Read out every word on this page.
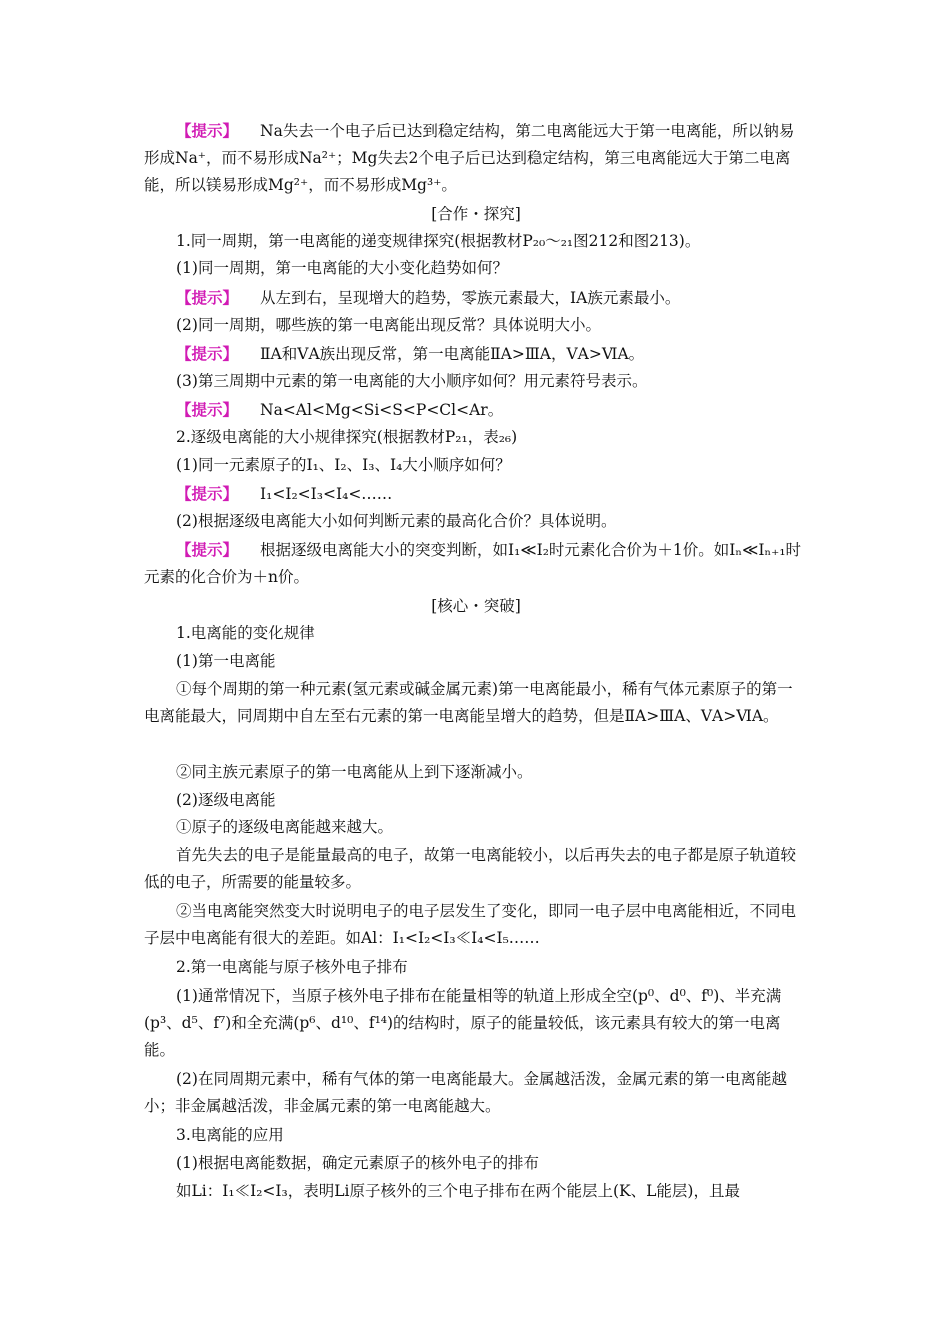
【提示】 Na失去一个电子后已达到稳定结构，第二电离能远大于第一电离能，所以钠易形成Na⁺，而不易形成Na²⁺；Mg失去2个电子后已达到稳定结构，第三电离能远大于第二电离能，所以镁易形成Mg²⁺，而不易形成Mg³⁺。

[合作・探究]

1.同一周期，第一电离能的递变规律探究(根据教材P₂₀～₂₁图212和图213)。

(1)同一周期，第一电离能的大小变化趋势如何？

【提示】 从左到右，呈现增大的趋势，零族元素最大，ⅠA族元素最小。

(2)同一周期，哪些族的第一电离能出现反常？具体说明大小。

【提示】 ⅡA和ⅤA族出现反常，第一电离能ⅡA>ⅢA，ⅤA>ⅥA。

(3)第三周期中元素的第一电离能的大小顺序如何？用元素符号表示。

【提示】 Na<Al<Mg<Si<S<P<Cl<Ar。

2.逐级电离能的大小规律探究(根据教材P₂₁，表₂₆)

(1)同一元素原子的I₁、I₂、I₃、I₄大小顺序如何？

【提示】 I₁<I₂<I₃<I₄<……

(2)根据逐级电离能大小如何判断元素的最高化合价？具体说明。

【提示】 根据逐级电离能大小的突变判断，如I₁≪I₂时元素化合价为＋1价。如Iₙ≪Iₙ₊₁时元素的化合价为＋n价。

[核心・突破]

1.电离能的变化规律

(1)第一电离能

①每个周期的第一种元素(氢元素或碱金属元素)第一电离能最小，稀有气体元素原子的第一电离能最大，同周期中自左至右元素的第一电离能呈增大的趋势，但是ⅡA>ⅢA、ⅤA>ⅥA。

②同主族元素原子的第一电离能从上到下逐渐减小。

(2)逐级电离能

①原子的逐级电离能越来越大。

首先失去的电子是能量最高的电子，故第一电离能较小，以后再失去的电子都是原子轨道较低的电子，所需要的能量较多。

②当电离能突然变大时说明电子的电子层发生了变化，即同一电子层中电离能相近，不同电子层中电离能有很大的差距。如Al：I₁<I₂<I₃≪I₄<I₅……

2.第一电离能与原子核外电子排布

(1)通常情况下，当原子核外电子排布在能量相等的轨道上形成全空(p⁰、d⁰、f⁰)、半充满(p³、d⁵、f⁷)和全充满(p⁶、d¹⁰、f¹⁴)的结构时，原子的能量较低，该元素具有较大的第一电离能。

(2)在同周期元素中，稀有气体的第一电离能最大。金属越活泼，金属元素的第一电离能越小；非金属越活泼，非金属元素的第一电离能越大。

3.电离能的应用

(1)根据电离能数据，确定元素原子的核外电子的排布

如Li：I₁≪I₂<I₃，表明Li原子核外的三个电子排布在两个能层上(K、L能层)，且最
